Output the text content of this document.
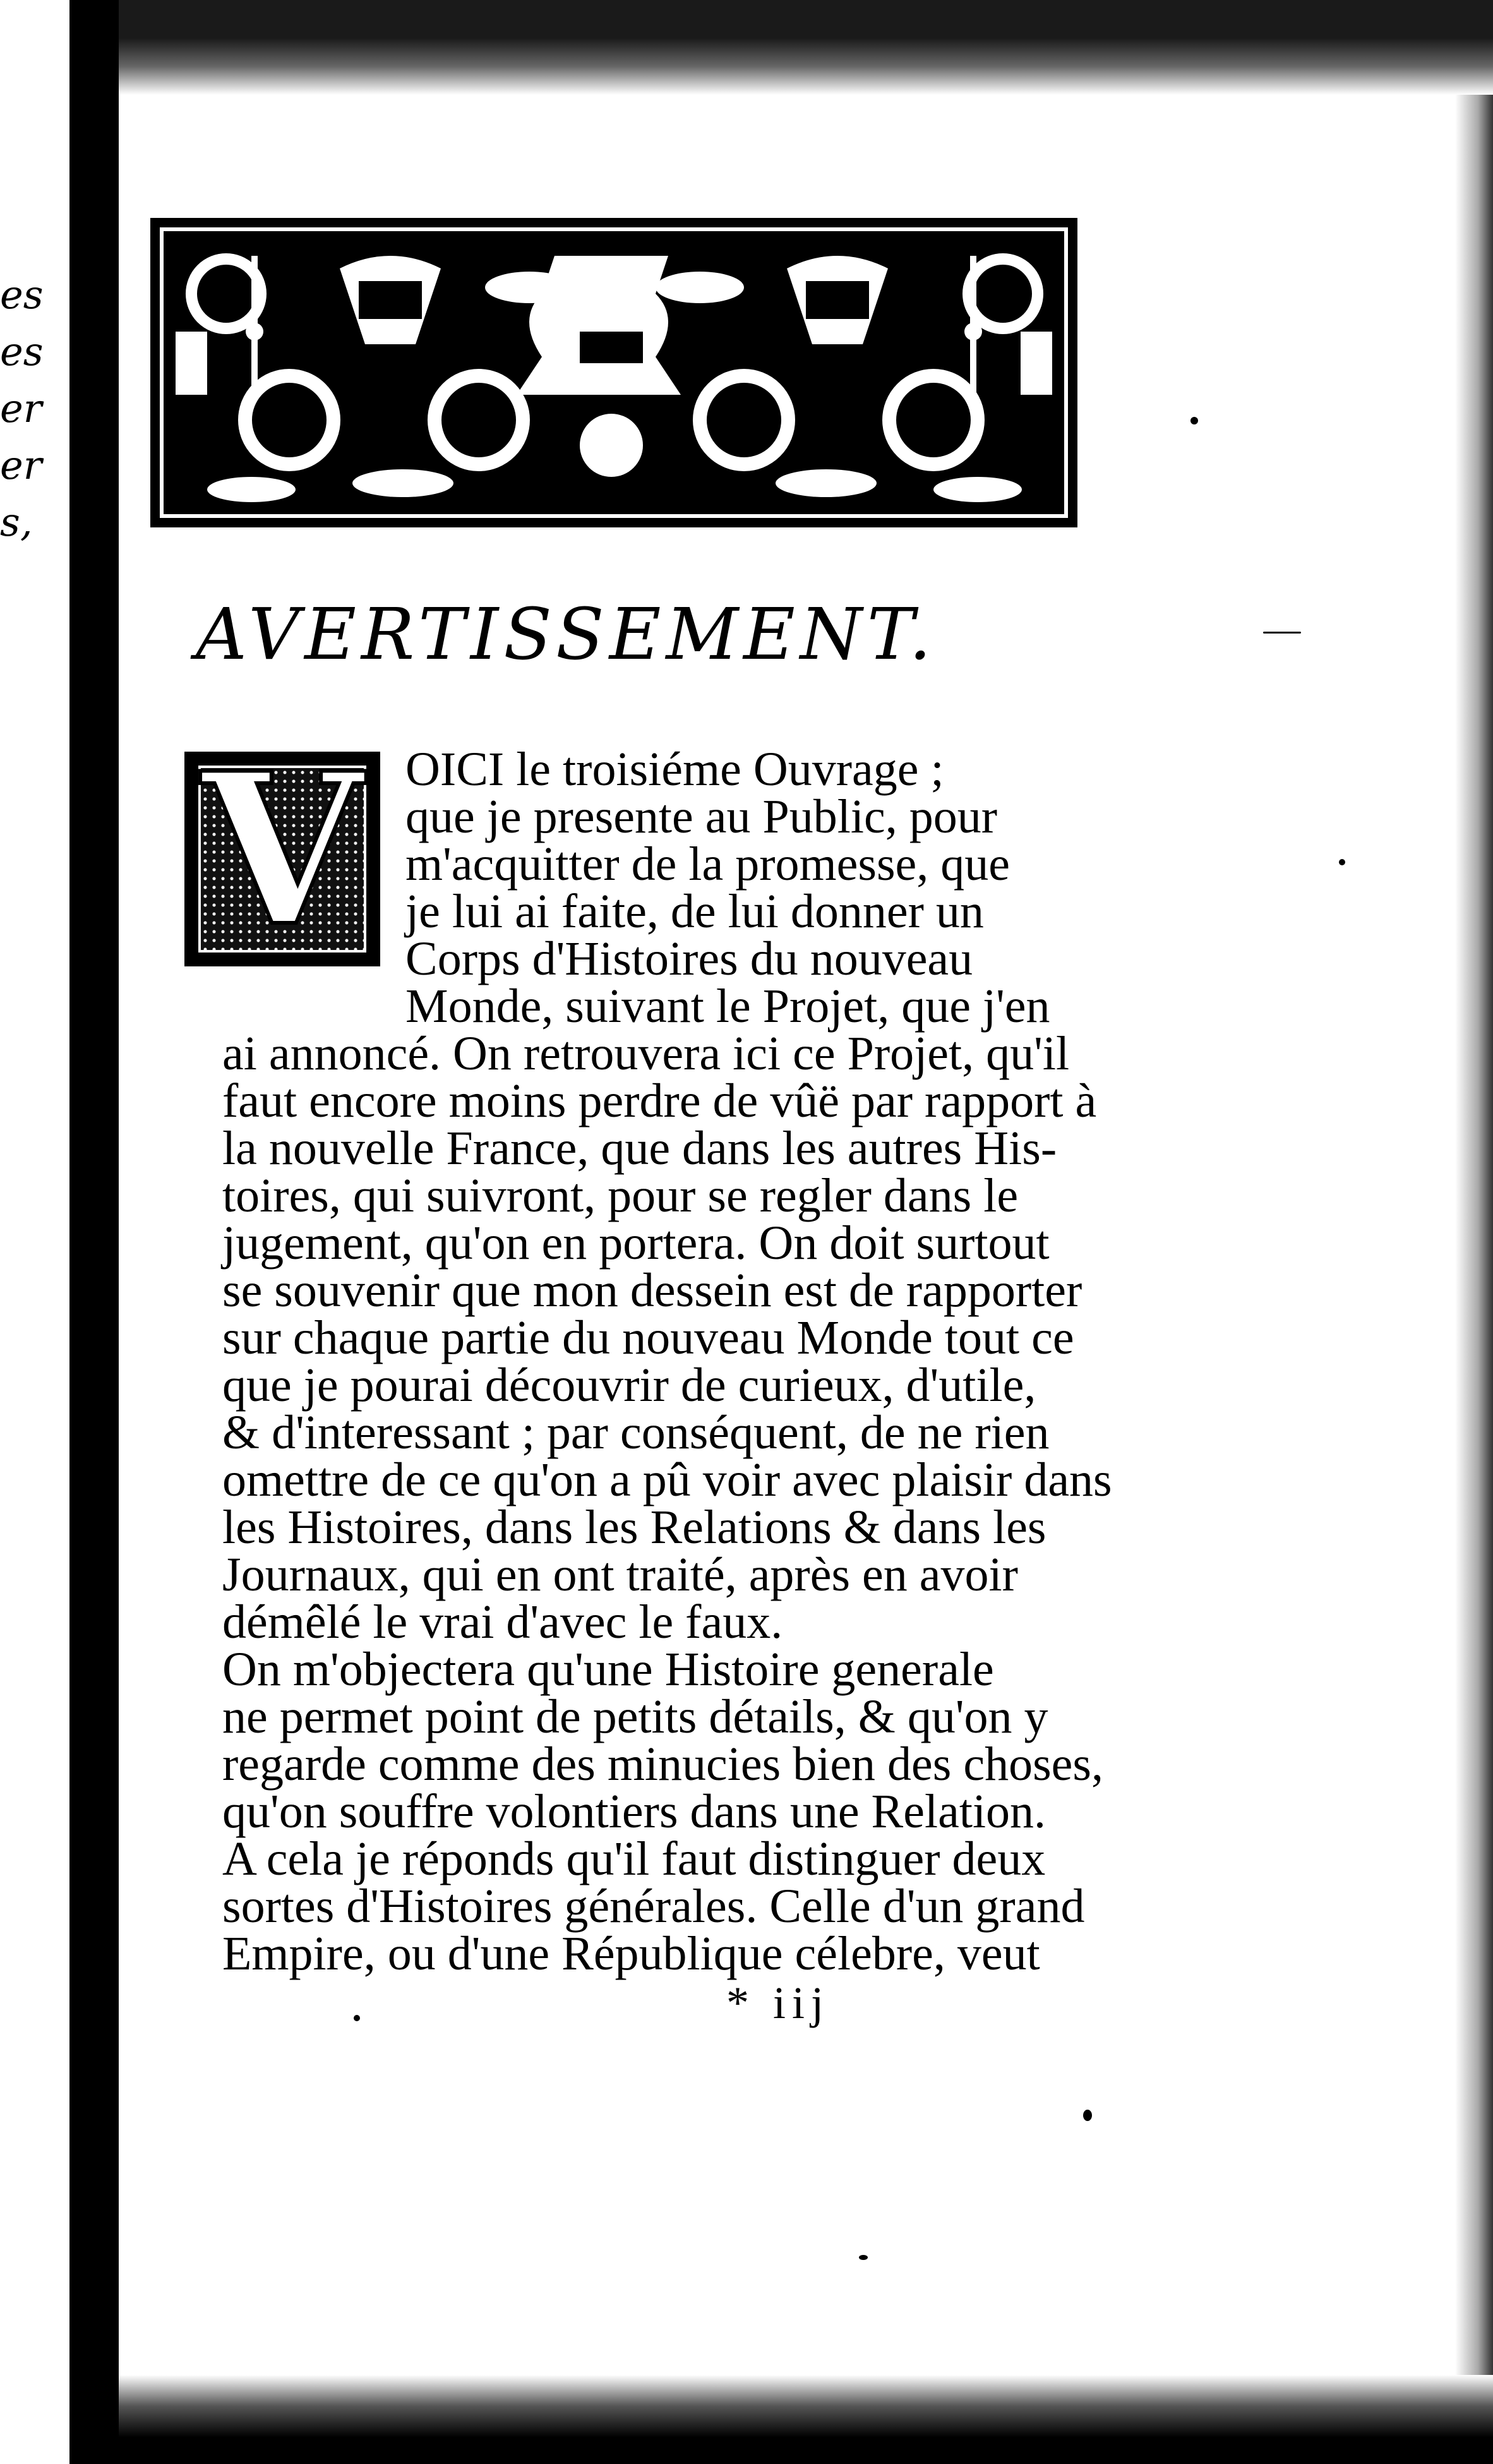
es
es
er
er
s,
AVERTISSEMENT.
V OICI le troisiéme Ouvrage ;
que je presente au Public, pour
m'acquitter de la promesse, que
je lui ai faite, de lui donner un
Corps d'Histoires du nouveau
Monde, suivant le Projet, que j'en
ai annoncé. On retrouvera ici ce Projet, qu'il
faut encore moins perdre de vûë par rapport à
la nouvelle France, que dans les autres His-
toires, qui suivront, pour se regler dans le
jugement, qu'on en portera. On doit surtout
se souvenir que mon dessein est de rapporter
sur chaque partie du nouveau Monde tout ce
que je pourai découvrir de curieux, d'utile,
& d'interessant ; par conséquent, de ne rien
omettre de ce qu'on a pû voir avec plaisir dans
les Histoires, dans les Relations & dans les
Journaux, qui en ont traité, après en avoir
démêlé le vrai d'avec le faux.
On m'objectera qu'une Histoire generale
ne permet point de petits détails, & qu'on y
regarde comme des minucies bien des choses,
qu'on souffre volontiers dans une Relation.
A cela je réponds qu'il faut distinguer deux
sortes d'Histoires générales. Celle d'un grand
Empire, ou d'une République célebre, veut
* iij
